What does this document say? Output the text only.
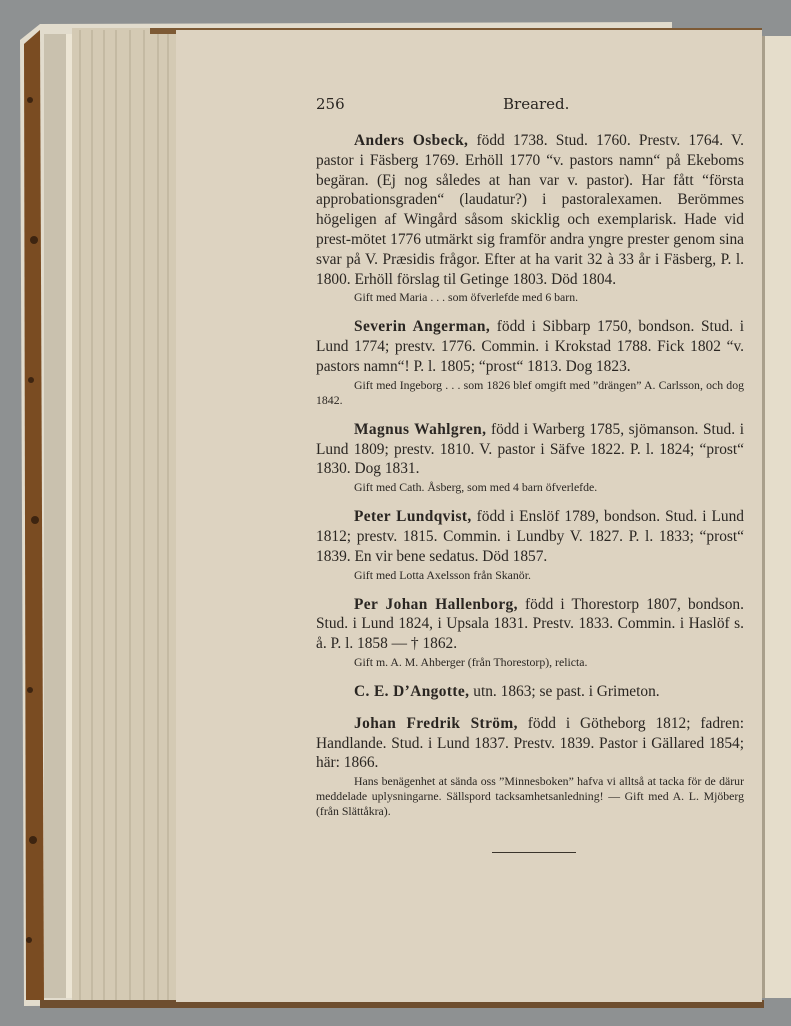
256	Breared.

Anders Osbeck, född 1738. Stud. 1760. Prestv. 1764. V. pastor i Fäsberg 1769. Erhöll 1770 “v. pastors namn“ på Ekeboms begäran. (Ej nog således at han var v. pastor). Har fått “första approbationsgraden“ (laudatur?) i pastoralexamen. Berömmes högeligen af Wingård såsom skicklig och exemplarisk. Hade vid prest-mötet 1776 utmärkt sig framför andra yngre prester genom sina svar på V. Præsidis frågor. Efter at ha varit 32 à 33 år i Fäsberg, P. l. 1800. Erhöll förslag til Getinge 1803. Död 1804.

Gift med Maria . . . som öfverlefde med 6 barn.

Severin Angerman, född i Sibbarp 1750, bondson. Stud. i Lund 1774; prestv. 1776. Commin. i Krokstad 1788. Fick 1802 “v. pastors namn“! P. l. 1805; “prost“ 1813. Dog 1823.

Gift med Ingeborg . . . som 1826 blef omgift med ”drängen” A. Carlsson, och dog 1842.

Magnus Wahlgren, född i Warberg 1785, sjömanson. Stud. i Lund 1809; prestv. 1810. V. pastor i Säfve 1822. P. l. 1824; “prost“ 1830. Dog 1831.

Gift med Cath. Åsberg, som med 4 barn öfverlefde.

Peter Lundqvist, född i Enslöf 1789, bondson. Stud. i Lund 1812; prestv. 1815. Commin. i Lundby V. 1827. P. l. 1833; “prost“ 1839. En vir bene sedatus. Död 1857.

Gift med Lotta Axelsson från Skanör.

Per Johan Hallenborg, född i Thorestorp 1807, bondson. Stud. i Lund 1824, i Upsala 1831. Prestv. 1833. Commin. i Haslöf s. å. P. l. 1858 — † 1862.

Gift m. A. M. Ahberger (från Thorestorp), relicta.

C. E. D’Angotte, utn. 1863; se past. i Grimeton.

Johan Fredrik Ström, född i Götheborg 1812; fadren: Handlande. Stud. i Lund 1837. Prestv. 1839. Pastor i Gällared 1854; här: 1866.

Hans benägenhet at sända oss ”Minnesboken” hafva vi alltså at tacka för de därur meddelade uplysningarne. Sällspord tacksamhetsanledning! — Gift med A. L. Mjöberg (från Slättåkra).
